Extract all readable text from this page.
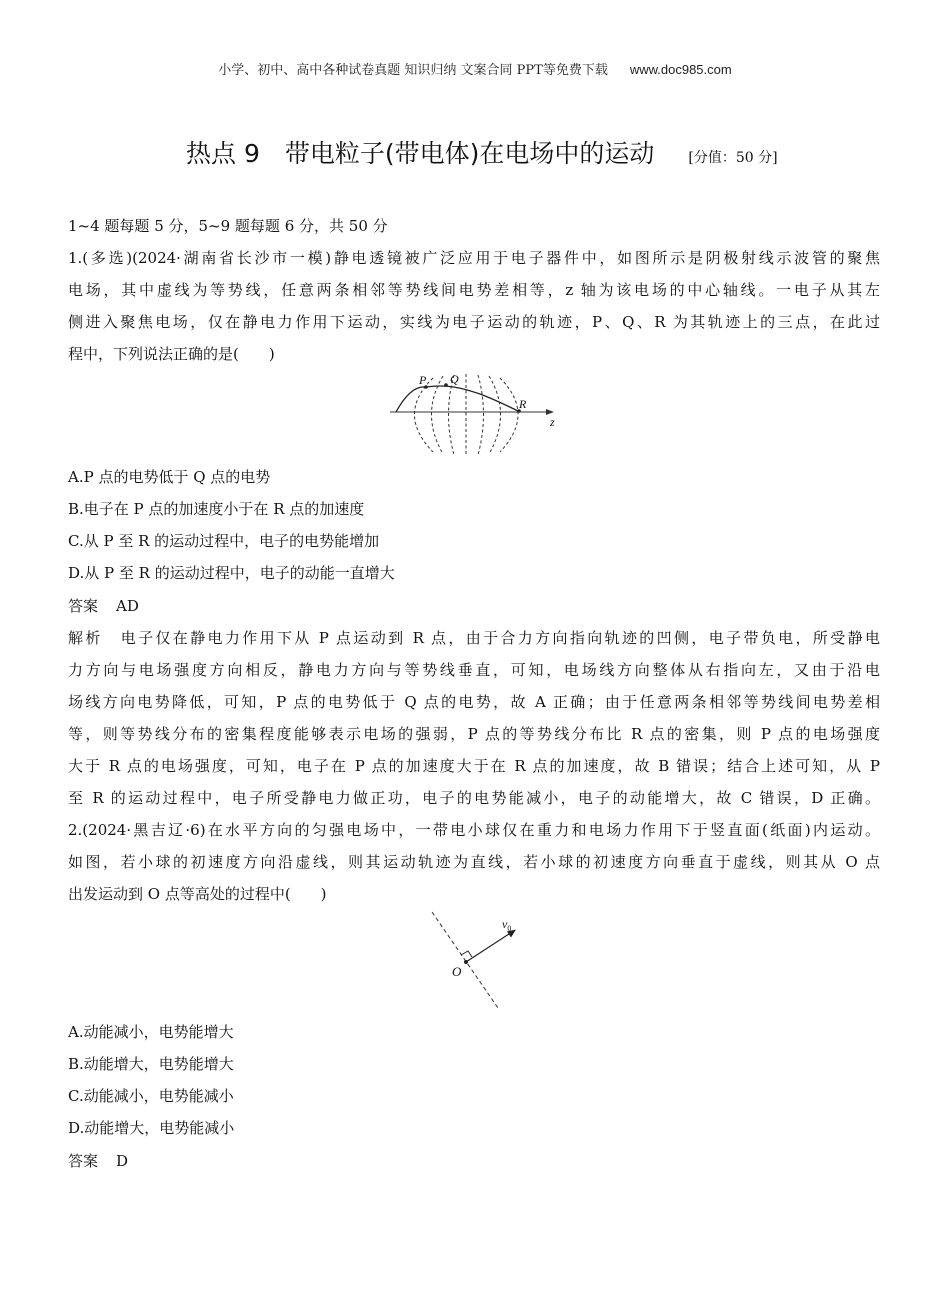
小学、初中、高中各种试卷真题 知识归纳 文案合同 PPT等免费下载 www.doc985.com
热点 9　带电粒子(带电体)在电场中的运动 [分值：50 分]
1~4 题每题 5 分，5~9 题每题 6 分，共 50 分
1.(多选)(2024·湖南省长沙市一模)静电透镜被广泛应用于电子器件中，如图所示是阴极射线示波管的聚焦
电场，其中虚线为等势线，任意两条相邻等势线间电势差相等，z 轴为该电场的中心轴线。一电子从其左
侧进入聚焦电场，仅在静电力作用下运动，实线为电子运动的轨迹，P、Q、R 为其轨迹上的三点，在此过
程中，下列说法正确的是(　　)
P Q
R
z
A.P 点的电势低于 Q 点的电势
B.电子在 P 点的加速度小于在 R 点的加速度
C.从 P 至 R 的运动过程中，电子的电势能增加
D.从 P 至 R 的运动过程中，电子的动能一直增大
答案 AD
解析 电子仅在静电力作用下从 P 点运动到 R 点，由于合力方向指向轨迹的凹侧，电子带负电，所受静电
力方向与电场强度方向相反，静电力方向与等势线垂直，可知，电场线方向整体从右指向左，又由于沿电
场线方向电势降低，可知，P 点的电势低于 Q 点的电势，故 A 正确；由于任意两条相邻等势线间电势差相
等，则等势线分布的密集程度能够表示电场的强弱，P 点的等势线分布比 R 点的密集，则 P 点的电场强度
大于 R 点的电场强度，可知，电子在 P 点的加速度大于在 R 点的加速度，故 B 错误；结合上述可知，从 P
至 R 的运动过程中，电子所受静电力做正功，电子的电势能减小，电子的动能增大，故 C 错误，D 正确。
2.(2024·黑吉辽·6)在水平方向的匀强电场中，一带电小球仅在重力和电场力作用下于竖直面(纸面)内运动。
如图，若小球的初速度方向沿虚线，则其运动轨迹为直线，若小球的初速度方向垂直于虚线，则其从 O 点
出发运动到 O 点等高处的过程中(　　)
O
$v_0$
A.动能减小，电势能增大
B.动能增大，电势能增大
C.动能减小，电势能减小
D.动能增大，电势能减小
答案 D
